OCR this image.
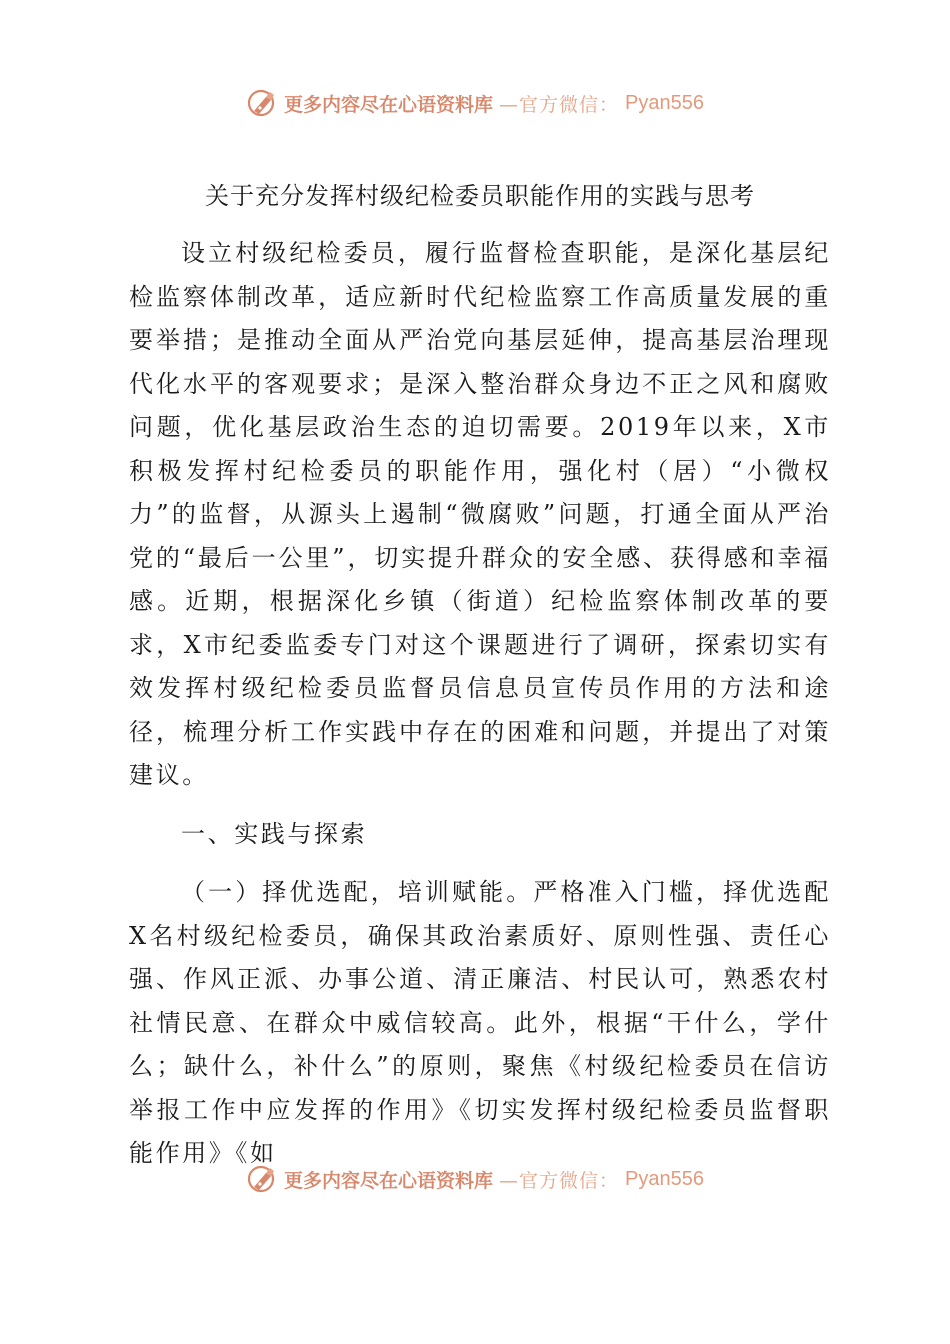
更多内容尽在心语资料库 —官方微信： Pyan556
关于充分发挥村级纪检委员职能作用的实践与思考

设立村级纪检委员，履行监督检查职能，是深化基层纪检监察体制改革，适应新时代纪检监察工作高质量发展的重要举措；是推动全面从严治党向基层延伸，提高基层治理现代化水平的客观要求；是深入整治群众身边不正之风和腐败问题，优化基层政治生态的迫切需要。2019年以来，X市积极发挥村纪检委员的职能作用，强化村（居）“小微权力”的监督，从源头上遏制“微腐败”问题，打通全面从严治党的“最后一公里”，切实提升群众的安全感、获得感和幸福感。近期，根据深化乡镇（街道）纪检监察体制改革的要求，X市纪委监委专门对这个课题进行了调研，探索切实有效发挥村级纪检委员监督员信息员宣传员作用的方法和途径，梳理分析工作实践中存在的困难和问题，并提出了对策建议。

一、实践与探索

（一）择优选配，培训赋能。严格准入门槛，择优选配X名村级纪检委员，确保其政治素质好、原则性强、责任心强、作风正派、办事公道、清正廉洁、村民认可，熟悉农村社情民意、在群众中威信较高。此外，根据“干什么，学什么；缺什么，补什么”的原则，聚焦《村级纪检委员在信访举报工作中应发挥的作用》《切实发挥村级纪检委员监督职能作用》《如

更多内容尽在心语资料库 —官方微信： Pyan556
